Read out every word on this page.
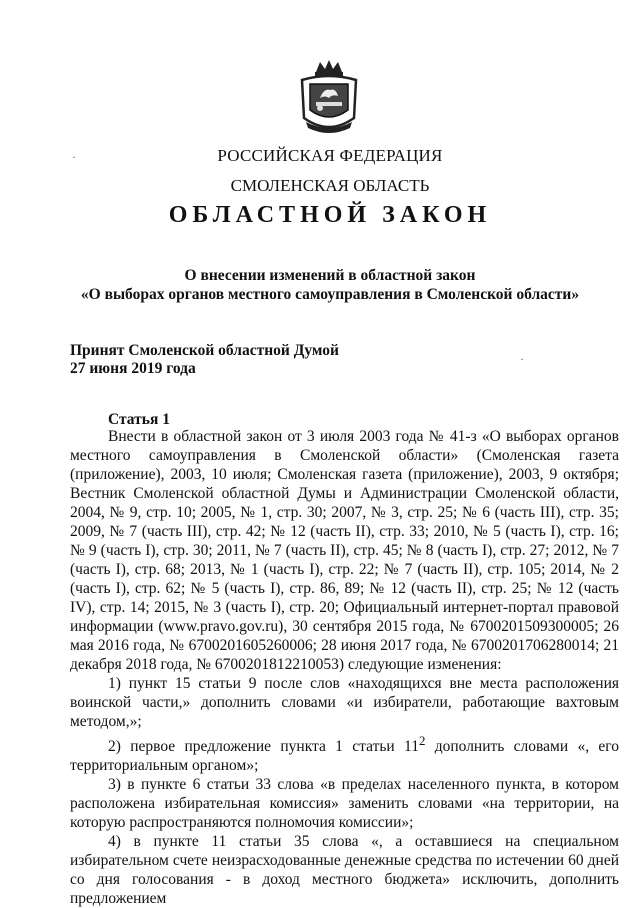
РОССИЙСКАЯ ФЕДЕРАЦИЯ
СМОЛЕНСКАЯ ОБЛАСТЬ
ОБЛАСТНОЙ ЗАКОН
О внесении изменений в областной закон
«О выборах органов местного самоуправления в Смоленской области»
Принят Смоленской областной Думой
27 июня 2019 года
Статья 1

Внести в областной закон от 3 июля 2003 года № 41-з «О выборах органов местного самоуправления в Смоленской области» (Смоленская газета (приложение), 2003, 10 июля; Смоленская газета (приложение), 2003, 9 октября; Вестник Смоленской областной Думы и Администрации Смоленской области, 2004, № 9, стр. 10; 2005, № 1, стр. 30; 2007, № 3, стр. 25; № 6 (часть III), стр. 35; 2009, № 7 (часть III), стр. 42; № 12 (часть II), стр. 33; 2010, № 5 (часть I), стр. 16; № 9 (часть I), стр. 30; 2011, № 7 (часть II), стр. 45; № 8 (часть I), стр. 27; 2012, № 7 (часть I), стр. 68; 2013, № 1 (часть I), стр. 22; № 7 (часть II), стр. 105; 2014, № 2 (часть I), стр. 62; № 5 (часть I), стр. 86, 89; № 12 (часть II), стр. 25; № 12 (часть IV), стр. 14; 2015, № 3 (часть I), стр. 20; Официальный интернет-портал правовой информации (www.pravo.gov.ru), 30 сентября 2015 года, № 6700201509300005; 26 мая 2016 года, № 6700201605260006; 28 июня 2017 года, № 6700201706280014; 21 декабря 2018 года, № 6700201812210053) следующие изменения:

1) пункт 15 статьи 9 после слов «находящихся вне места расположения воинской части,» дополнить словами «и избиратели, работающие вахтовым методом,»;

2) первое предложение пункта 1 статьи $11^2$ дополнить словами «, его территориальным органом»;

3) в пункте 6 статьи 33 слова «в пределах населенного пункта, в котором расположена избирательная комиссия» заменить словами «на территории, на которую распространяются полномочия комиссии»;

4) в пункте 11 статьи 35 слова «, а оставшиеся на специальном избирательном счете неизрасходованные денежные средства по истечении 60 дней со дня голосования - в доход местного бюджета» исключить, дополнить предложением

·
·
